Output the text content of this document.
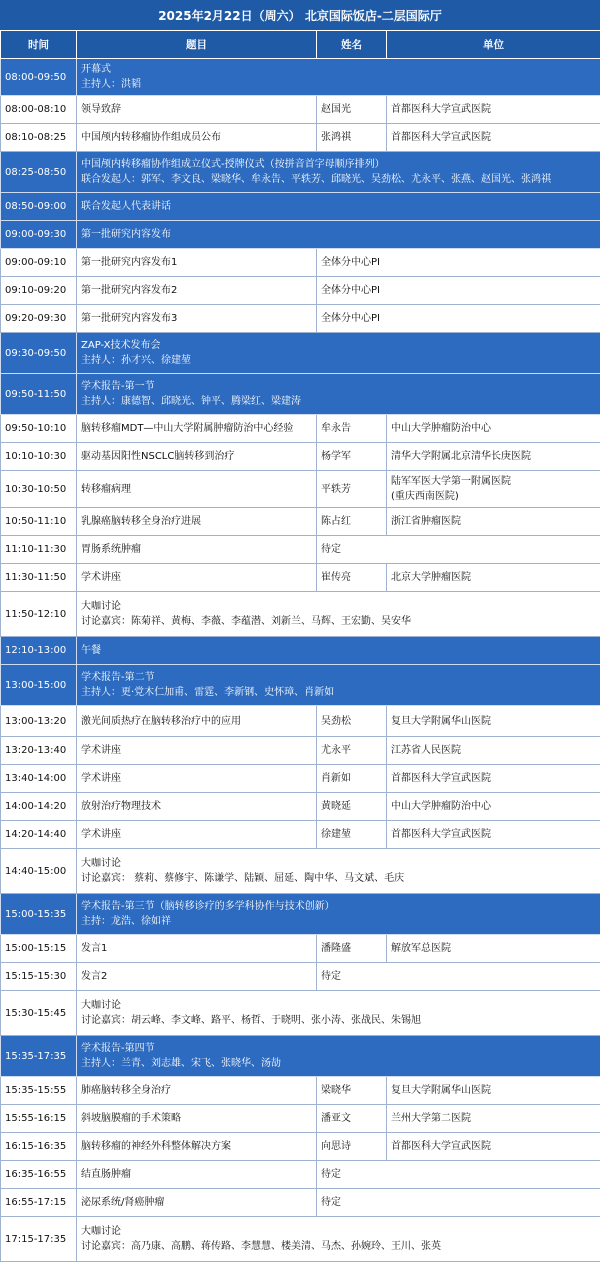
2025年2月22日（周六） 北京国际饭店-二层国际厅
时间	题目	姓名	单位
08:00-09:50	开幕式
主持人：洪韬		

08:00-08:10	领导致辞	赵国光	首都医科大学宣武医院
08:10-08:25	中国颅内转移瘤协作组成员公布	张鸿祺	首都医科大学宣武医院
08:25-08:50	中国颅内转移瘤协作组成立仪式-授牌仪式（按拼音首字母顺序排列）
联合发起人：郭军、李文良、梁晓华、牟永告、平轶芳、邱晓光、吴劲松、尤永平、张燕、赵国光、张鸿祺		

08:50-09:00	联合发起人代表讲话		
09:00-09:30	第一批研究内容发布		
09:00-09:10	第一批研究内容发布1	全体分中心PI	
09:10-09:20	第一批研究内容发布2	全体分中心PI	
09:20-09:30	第一批研究内容发布3	全体分中心PI	
09:30-09:50	ZAP-X技术发布会
主持人：孙才兴、徐建堃		

09:50-11:50	学术报告-第一节
主持人：康德智、邱晓光、钟平、腾梁红、梁建涛		

09:50-10:10	脑转移瘤MDT—中山大学附属肿瘤防治中心经验	牟永告	中山大学肿瘤防治中心
10:10-10:30	驱动基因阳性NSCLC脑转移到治疗	杨学军	清华大学附属北京清华长庚医院
10:30-10:50	转移瘤病理	平轶芳	陆军军医大学第一附属医院
(重庆西南医院)

10:50-11:10	乳腺癌脑转移全身治疗进展	陈占红	浙江省肿瘤医院
11:10-11:30	胃肠系统肿瘤	待定	
11:30-11:50	学术讲座	崔传亮	北京大学肿瘤医院
11:50-12:10	大咖讨论
讨论嘉宾：陈菊祥、黄梅、李薇、李蕴潜、刘新兰、马辉、王宏勤、吴安华		

12:10-13:00	午餐		
13:00-15:00	学术报告-第二节
主持人：更·党木仁加甫、雷霆、李新钢、史怀璋、肖新如		

13:00-13:20	激光间质热疗在脑转移治疗中的应用	吴劲松	复旦大学附属华山医院
13:20-13:40	学术讲座	尤永平	江苏省人民医院
13:40-14:00	学术讲座	肖新如	首都医科大学宣武医院
14:00-14:20	放射治疗物理技术	黄晓延	中山大学肿瘤防治中心
14:20-14:40	学术讲座	徐建堃	首都医科大学宣武医院
14:40-15:00	大咖讨论
讨论嘉宾： 蔡莉、蔡修宇、陈谦学、陆颖、屈延、陶中华、马文斌、毛庆		

15:00-15:35	学术报告-第三节（脑转移诊疗的多学科协作与技术创新）
主持：龙浩、徐如祥		

15:00-15:15	发言1	潘隆盛	解放军总医院
15:15-15:30	发言2	待定	
15:30-15:45	大咖讨论
讨论嘉宾：胡云峰、李文峰、路平、杨哲、于晓明、张小涛、张战民、朱锡旭		

15:35-17:35	学术报告-第四节
主持人：兰青、刘志雄、宋飞、张晓华、汤劼		

15:35-15:55	肺癌脑转移全身治疗	梁晓华	复旦大学附属华山医院
15:55-16:15	斜坡脑膜瘤的手术策略	潘亚文	兰州大学第二医院
16:15-16:35	脑转移瘤的神经外科整体解决方案	向思诗	首都医科大学宣武医院
16:35-16:55	结直肠肿瘤	待定	
16:55-17:15	泌尿系统/肾癌肿瘤	待定	
17:15-17:35	大咖讨论
讨论嘉宾：高乃康、高鹏、蒋传路、李慧慧、楼美清、马杰、孙婉玲、王川、张英		
